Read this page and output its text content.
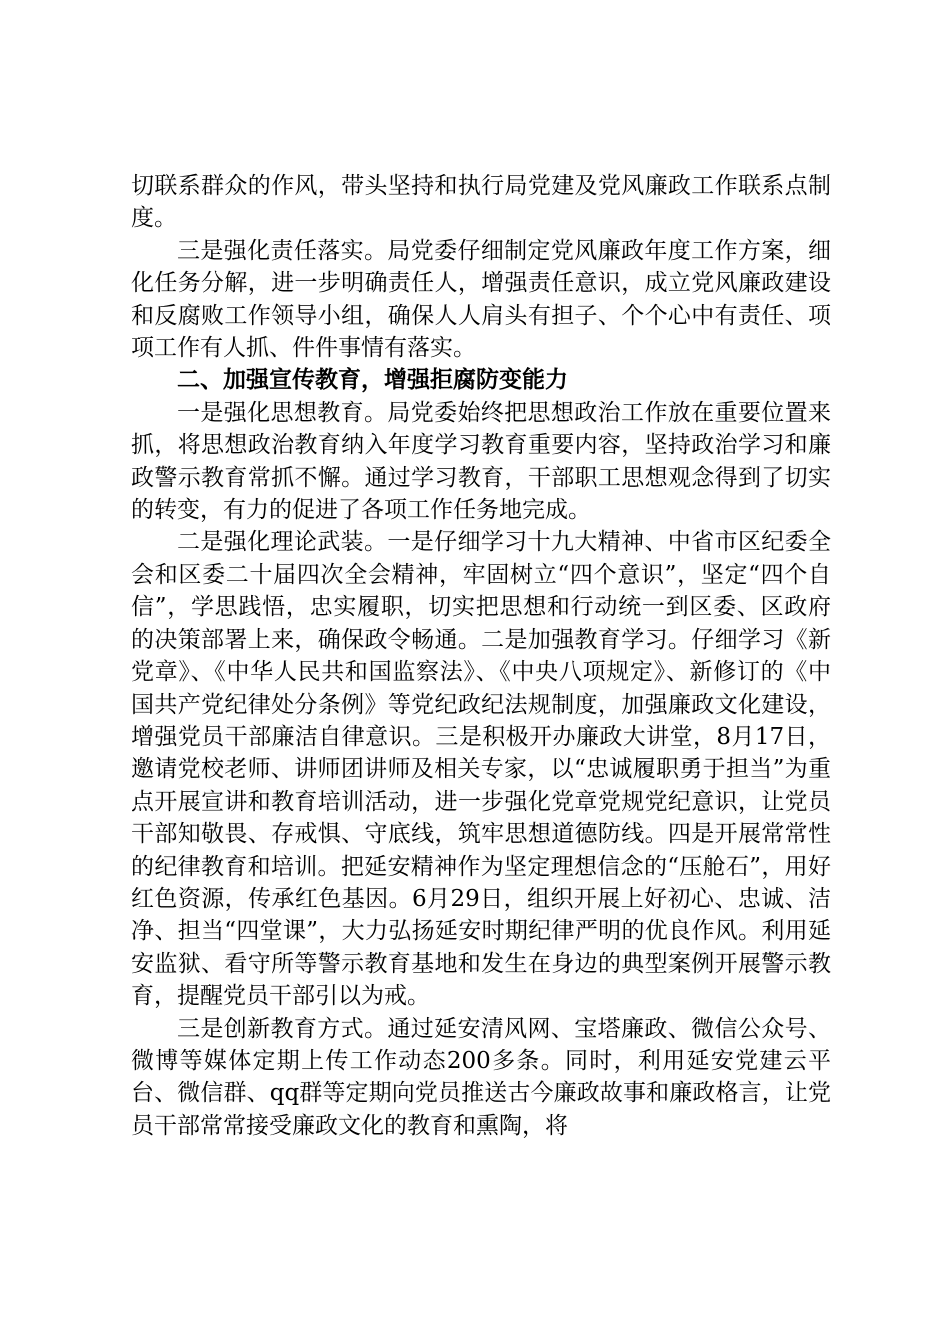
切联系群众的作风，带头坚持和执行局党建及党风廉政工作联系点制度。

三是强化责任落实。局党委仔细制定党风廉政年度工作方案，细化任务分解，进一步明确责任人，增强责任意识，成立党风廉政建设和反腐败工作领导小组，确保人人肩头有担子、个个心中有责任、项项工作有人抓、件件事情有落实。

二、加强宣传教育，增强拒腐防变能力

一是强化思想教育。局党委始终把思想政治工作放在重要位置来抓，将思想政治教育纳入年度学习教育重要内容，坚持政治学习和廉政警示教育常抓不懈。通过学习教育，干部职工思想观念得到了切实的转变，有力的促进了各项工作任务地完成。

二是强化理论武装。一是仔细学习十九大精神、中省市区纪委全会和区委二十届四次全会精神，牢固树立“四个意识”，坚定“四个自信”，学思践悟，忠实履职，切实把思想和行动统一到区委、区政府的决策部署上来，确保政令畅通。二是加强教育学习。仔细学习《新党章》、《中华人民共和国监察法》、《中央八项规定》、新修订的《中国共产党纪律处分条例》等党纪政纪法规制度，加强廉政文化建设，增强党员干部廉洁自律意识。三是积极开办廉政大讲堂，8月17日，邀请党校老师、讲师团讲师及相关专家，以“忠诚履职勇于担当”为重点开展宣讲和教育培训活动，进一步强化党章党规党纪意识，让党员干部知敬畏、存戒惧、守底线，筑牢思想道德防线。四是开展常常性的纪律教育和培训。把延安精神作为坚定理想信念的“压舱石”，用好红色资源，传承红色基因。6月29日，组织开展上好初心、忠诚、洁净、担当“四堂课”，大力弘扬延安时期纪律严明的优良作风。利用延安监狱、看守所等警示教育基地和发生在身边的典型案例开展警示教育，提醒党员干部引以为戒。

三是创新教育方式。通过延安清风网、宝塔廉政、微信公众号、微博等媒体定期上传工作动态200多条。同时，利用延安党建云平台、微信群、qq群等定期向党员推送古今廉政故事和廉政格言，让党员干部常常接受廉政文化的教育和熏陶，将
